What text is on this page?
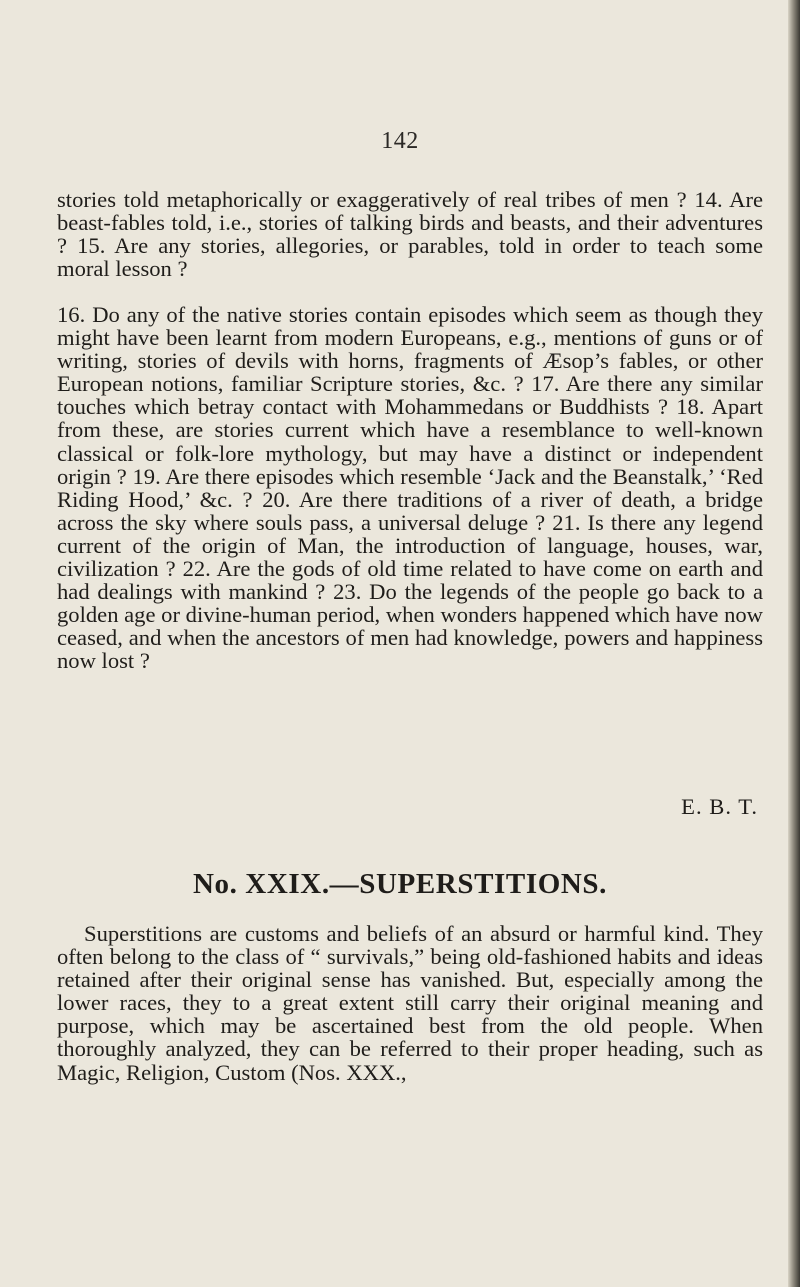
142

stories told metaphorically or exaggeratively of real tribes of men ? 14. Are beast-fables told, i.e., stories of talking birds and beasts, and their adventures ? 15. Are any stories, allegories, or parables, told in order to teach some moral lesson ?

16. Do any of the native stories contain episodes which seem as though they might have been learnt from modern Europeans, e.g., mentions of guns or of writing, stories of devils with horns, fragments of Æsop’s fables, or other European notions, familiar Scripture stories, &c. ? 17. Are there any similar touches which betray contact with Mohammedans or Buddhists ? 18. Apart from these, are stories current which have a resemblance to well-known classical or folk-lore mythology, but may have a distinct or independent origin ? 19. Are there episodes which resemble ‘Jack and the Beanstalk,’ ‘Red Riding Hood,’ &c. ? 20. Are there traditions of a river of death, a bridge across the sky where souls pass, a universal deluge ? 21. Is there any legend current of the origin of Man, the introduction of language, houses, war, civilization ? 22. Are the gods of old time related to have come on earth and had dealings with mankind ? 23. Do the legends of the people go back to a golden age or divine-human period, when wonders happened which have now ceased, and when the ancestors of men had knowledge, powers and happiness now lost ?

E. B. T.
No. XXIX.—SUPERSTITIONS.

Superstitions are customs and beliefs of an absurd or harmful kind. They often belong to the class of “ survivals,” being old-fashioned habits and ideas retained after their original sense has vanished. But, especially among the lower races, they to a great extent still carry their original meaning and purpose, which may be ascertained best from the old people. When thoroughly analyzed, they can be referred to their proper heading, such as Magic, Religion, Custom (Nos. XXX.,
